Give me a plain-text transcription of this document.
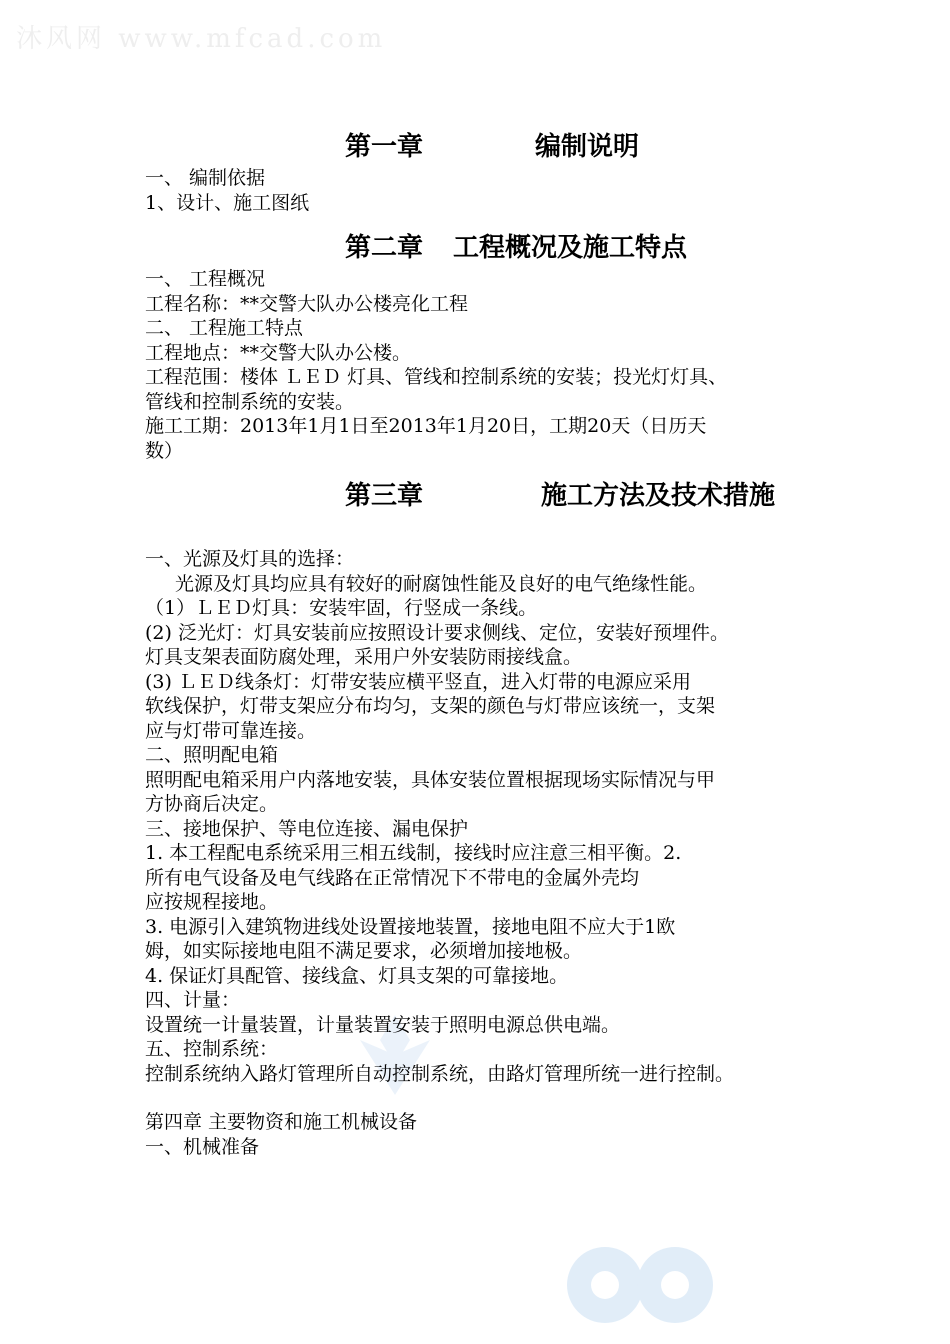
沐风网 www.mfcad.com
第一章	编制说明
一、 编制依据
1、设计、施工图纸
第二章 工程概况及施工特点
一、 工程概况
工程名称：**交警大队办公楼亮化工程
二、 工程施工特点
工程地点：**交警大队办公楼。
工程范围：楼体 ＬＥＤ 灯具、管线和控制系统的安装；投光灯灯具、
管线和控制系统的安装。
施工工期：2013年1月1日至2013年1月20日，工期20天（日历天
数）
第三章	施工方法及技术措施
一、光源及灯具的选择：
光源及灯具均应具有较好的耐腐蚀性能及良好的电气绝缘性能。
（1）ＬＥＤ灯具：安装牢固，行竖成一条线。
(2) 泛光灯：灯具安装前应按照设计要求侧线、定位，安装好预埋件。
灯具支架表面防腐处理，采用户外安装防雨接线盒。
(3) ＬＥＤ线条灯：灯带安装应横平竖直，进入灯带的电源应采用
软线保护，灯带支架应分布均匀，支架的颜色与灯带应该统一，支架
应与灯带可靠连接。
二、照明配电箱
照明配电箱采用户内落地安装，具体安装位置根据现场实际情况与甲
方协商后决定。
三、接地保护、等电位连接、漏电保护
1. 本工程配电系统采用三相五线制，接线时应注意三相平衡。2.
所有电气设备及电气线路在正常情况下不带电的金属外壳均
应按规程接地。
3. 电源引入建筑物进线处设置接地装置，接地电阻不应大于1欧
姆，如实际接地电阻不满足要求，必须增加接地极。
4. 保证灯具配管、接线盒、灯具支架的可靠接地。
四、计量：
设置统一计量装置，计量装置安装于照明电源总供电端。
五、控制系统：
控制系统纳入路灯管理所自动控制系统，由路灯管理所统一进行控制。
第四章 主要物资和施工机械设备
一、机械准备
